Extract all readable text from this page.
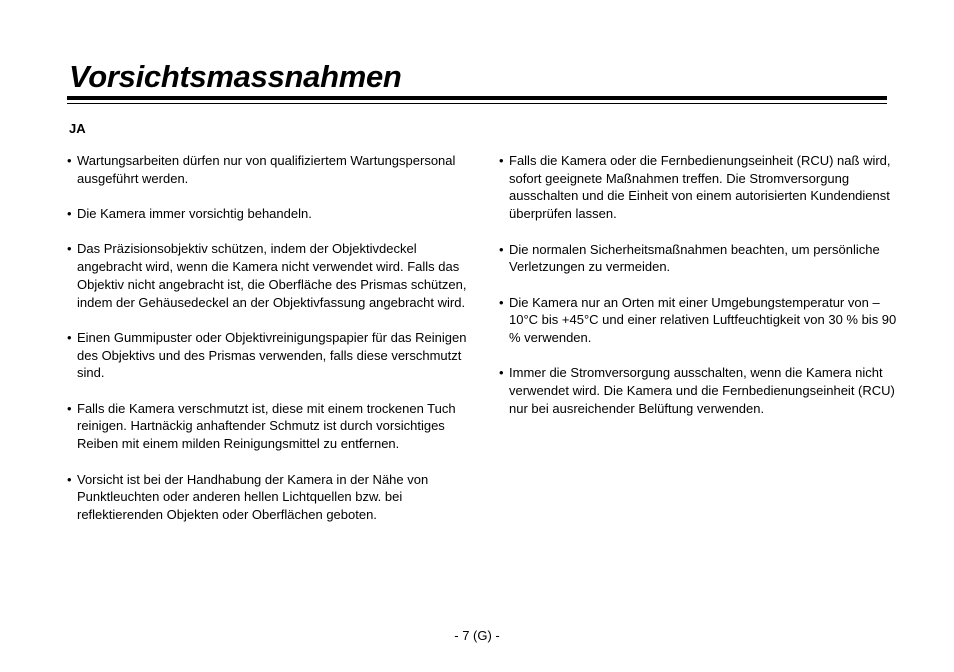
Vorsichtsmassnahmen
JA
• Wartungsarbeiten dürfen nur von qualifiziertem Wartungspersonal ausgeführt werden.
• Die Kamera immer vorsichtig behandeln.
• Das Präzisionsobjektiv schützen, indem der Objektivdeckel angebracht wird, wenn die Kamera nicht verwendet wird. Falls das Objektiv nicht angebracht ist, die Oberfläche des Prismas schützen, indem der Gehäusedeckel an der Objektivfassung angebracht wird.
• Einen Gummipuster oder Objektivreinigungspapier für das Reinigen des Objektivs und des Prismas verwenden, falls diese verschmutzt sind.
• Falls die Kamera verschmutzt ist, diese mit einem trockenen Tuch reinigen. Hartnäckig anhaftender Schmutz ist durch vorsichtiges Reiben mit einem milden Reinigungsmittel zu entfernen.
• Vorsicht ist bei der Handhabung der Kamera in der Nähe von Punktleuchten oder anderen hellen Lichtquellen bzw. bei reflektierenden Objekten oder Oberflächen geboten.
• Falls die Kamera oder die Fernbedienungseinheit (RCU) naß wird, sofort geeignete Maßnahmen treffen. Die Stromversorgung ausschalten und die Einheit von einem autorisierten Kundendienst überprüfen lassen.
• Die normalen Sicherheitsmaßnahmen beachten, um persönliche Verletzungen zu vermeiden.
• Die Kamera nur an Orten mit einer Umgebungstemperatur von –10°C bis +45°C und einer relativen Luftfeuchtigkeit von 30 % bis 90 % verwenden.
• Immer die Stromversorgung ausschalten, wenn die Kamera nicht verwendet wird. Die Kamera und die Fernbedienungseinheit (RCU) nur bei ausreichender Belüftung verwenden.
- 7 (G) -
